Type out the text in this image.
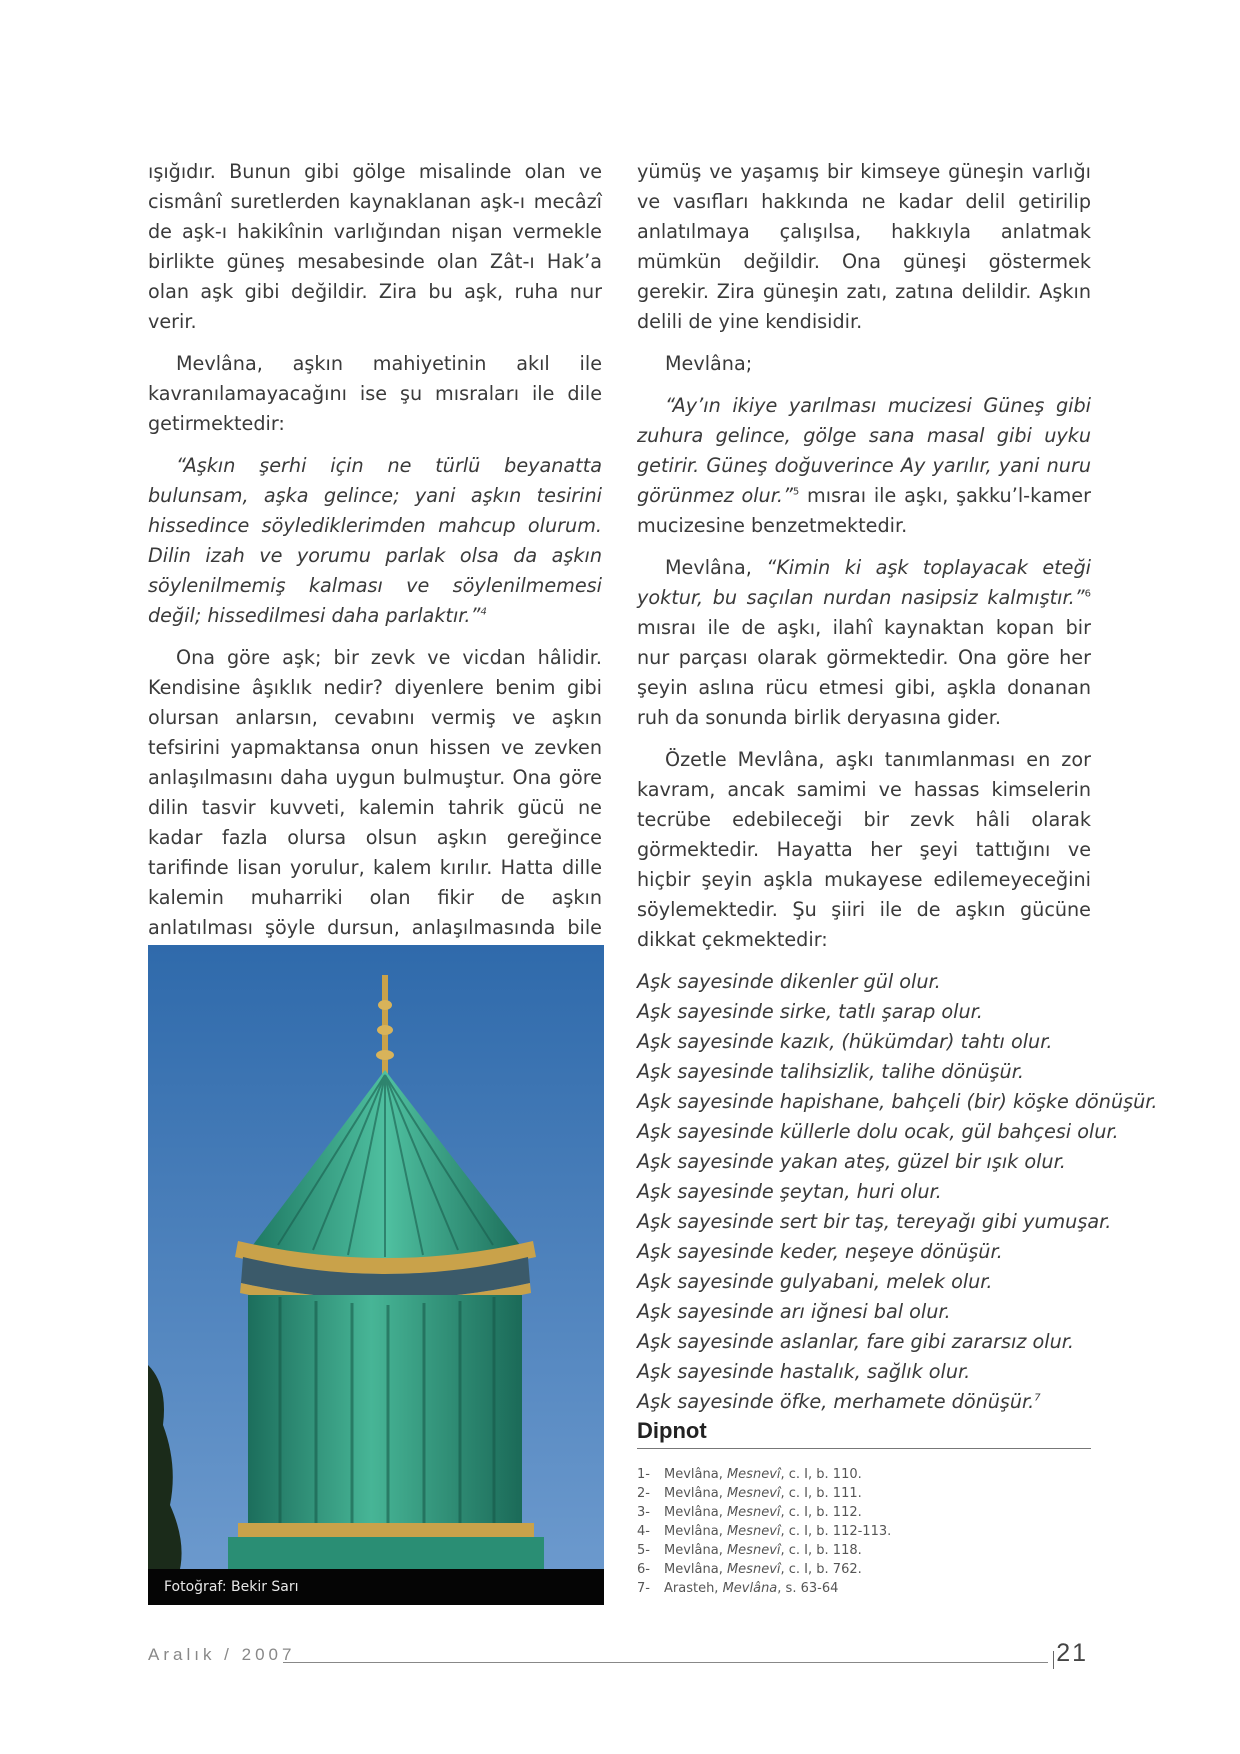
ışığıdır. Bunun gibi gölge misalinde olan ve cismânî suretlerden kaynaklanan aşk-ı mecâzî de aşk-ı hakikînin varlığından nişan vermekle birlikte güneş mesabesinde olan Zât-ı Hak’a olan aşk gibi değildir. Zira bu aşk, ruha nur verir.

Mevlâna, aşkın mahiyetinin akıl ile kavranılamayacağını ise şu mısraları ile dile getirmektedir:

“Aşkın şerhi için ne türlü beyanatta bulunsam, aşka gelince; yani aşkın tesirini hissedince söylediklerimden mahcup olurum. Dilin izah ve yorumu parlak olsa da aşkın söylenilmemiş kalması ve söylenilmemesi değil; hissedilmesi daha parlaktır.”$^4$

Ona göre aşk; bir zevk ve vicdan hâlidir. Kendisine âşıklık nedir? diyenlere benim gibi olursan anlarsın, cevabını vermiş ve aşkın tefsirini yapmaktansa onun hissen ve zevken anlaşılmasını daha uygun bulmuştur. Ona göre dilin tasvir kuvveti, kalemin tahrik gücü ne kadar fazla olursa olsun aşkın gereğince tarifinde lisan yorulur, kalem kırılır. Hatta dille kalemin muharriki olan fikir de aşkın anlatılması şöyle dursun, anlaşılmasında bile

Fotoğraf: Bekir Sarı

yümüş ve yaşamış bir kimseye güneşin varlığı ve vasıfları hakkında ne kadar delil getirilip anlatılmaya çalışılsa, hakkıyla anlatmak mümkün değildir. Ona güneşi göstermek gerekir. Zira güneşin zatı, zatına delildir. Aşkın delili de yine kendisidir.

Mevlâna;

“Ay’ın ikiye yarılması mucizesi Güneş gibi zuhura gelince, gölge sana masal gibi uyku getirir. Güneş doğuverince Ay yarılır, yani nuru görünmez olur.”$^5$ mısraı ile aşkı, şakku’l-kamer mucizesine benzetmektedir.

Mevlâna, “Kimin ki aşk toplayacak eteği yoktur, bu saçılan nurdan nasipsiz kalmıştır.”$^6$ mısraı ile de aşkı, ilahî kaynaktan kopan bir nur parçası olarak görmektedir. Ona göre her şeyin aslına rücu etmesi gibi, aşkla donanan ruh da sonunda birlik deryasına gider.

Özetle Mevlâna, aşkı tanımlanması en zor kavram, ancak samimi ve hassas kimselerin tecrübe edebileceği bir zevk hâli olarak görmektedir. Hayatta her şeyi tattığını ve hiçbir şeyin aşkla mukayese edilemeyeceğini söylemektedir. Şu şiiri ile de aşkın gücüne dikkat çekmektedir:

Aşk sayesinde dikenler gül olur.
Aşk sayesinde sirke, tatlı şarap olur.
Aşk sayesinde kazık, (hükümdar) tahtı olur.
Aşk sayesinde talihsizlik, talihe dönüşür.
Aşk sayesinde hapishane, bahçeli (bir) köşke dönüşür.
Aşk sayesinde küllerle dolu ocak, gül bahçesi olur.
Aşk sayesinde yakan ateş, güzel bir ışık olur.
Aşk sayesinde şeytan, huri olur.
Aşk sayesinde sert bir taş, tereyağı gibi yumuşar.
Aşk sayesinde keder, neşeye dönüşür.
Aşk sayesinde gulyabani, melek olur.
Aşk sayesinde arı iğnesi bal olur.
Aşk sayesinde aslanlar, fare gibi zararsız olur.
Aşk sayesinde hastalık, sağlık olur.
Aşk sayesinde öfke, merhamete dönüşür.$^7$
Dipnot
1- Mevlâna, Mesnevî, c. I, b. 110.
2- Mevlâna, Mesnevî, c. I, b. 111.
3- Mevlâna, Mesnevî, c. I, b. 112.
4- Mevlâna, Mesnevî, c. I, b. 112-113.
5- Mevlâna, Mesnevî, c. I, b. 118.
6- Mevlâna, Mesnevî, c. I, b. 762.
7- Arasteh, Mevlâna, s. 63-64
Aralık / 2007	21
